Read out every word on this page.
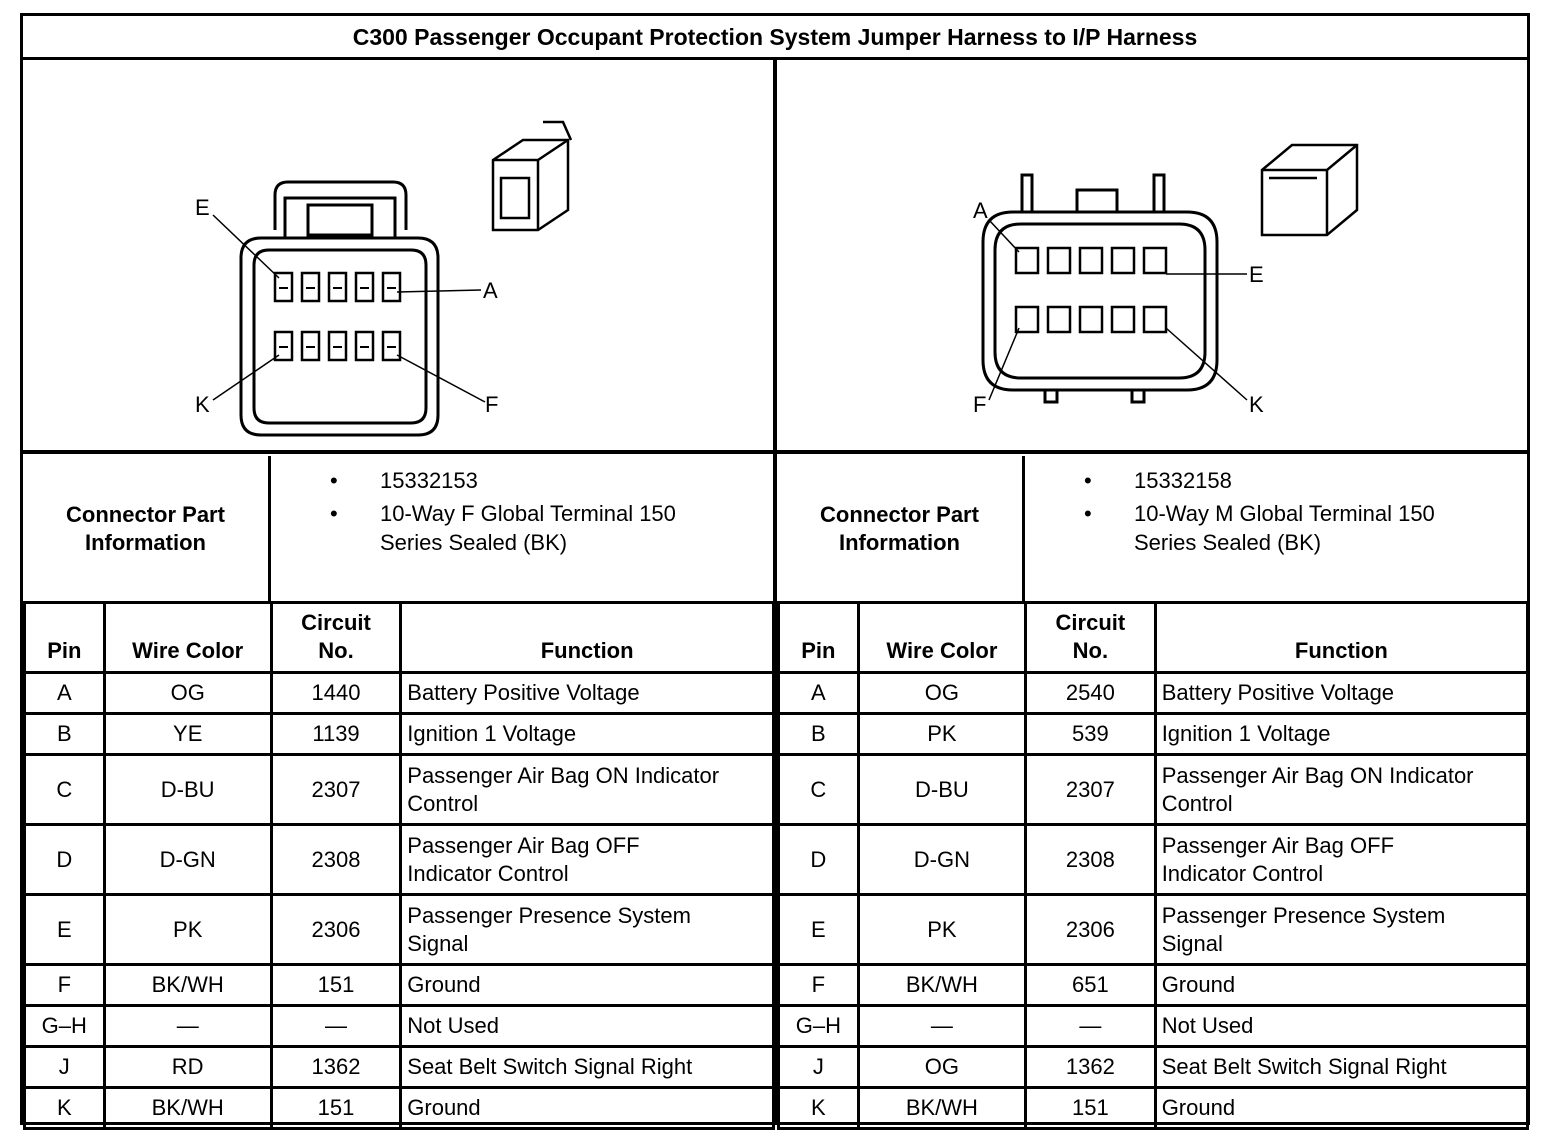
C300 Passenger Occupant Protection System Jumper Harness to I/P Harness
E
A
K	F
A
E
F	K
Connector Part
Information
• 15332153
• 10-Way F Global Terminal 150
Series Sealed (BK)
Pin	Wire Color	Circuit
No.	Function
A	OG	1440	Battery Positive Voltage
B	YE	1139	Ignition 1 Voltage
C	D-BU	2307	Passenger Air Bag ON Indicator
Control
D	D-GN	2308	Passenger Air Bag OFF
Indicator Control
E	PK	2306	Passenger Presence System
Signal
F	BK/WH	151	Ground
G–H	—	—	Not Used
J	RD	1362	Seat Belt Switch Signal Right
K	BK/WH	151	Ground
Connector Part
Information
• 15332158
• 10-Way M Global Terminal 150
Series Sealed (BK)
Pin	Wire Color	Circuit
No.	Function
A	OG	2540	Battery Positive Voltage
B	PK	539	Ignition 1 Voltage
C	D-BU	2307	Passenger Air Bag ON Indicator
Control
D	D-GN	2308	Passenger Air Bag OFF
Indicator Control
E	PK	2306	Passenger Presence System
Signal
F	BK/WH	651	Ground
G–H	—	—	Not Used
J	OG	1362	Seat Belt Switch Signal Right
K	BK/WH	151	Ground
